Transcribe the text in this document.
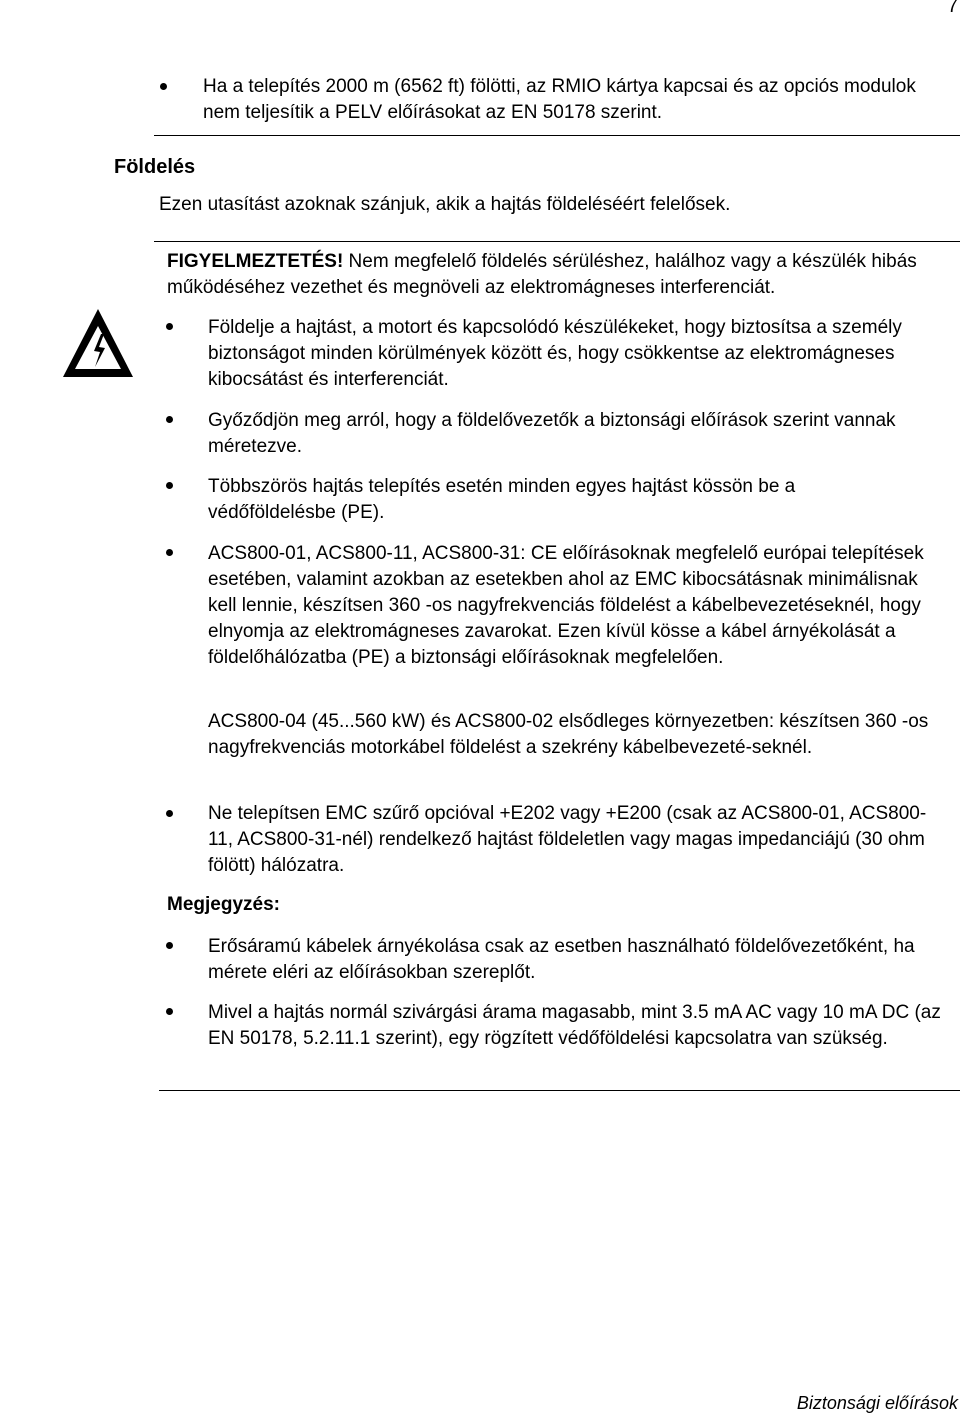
7
Ha a telepítés 2000 m (6562 ft) fölötti, az RMIO kártya kapcsai és az opciós modulok nem teljesítik a PELV előírásokat az EN 50178 szerint.
Földelés
Ezen utasítást azoknak szánjuk, akik a hajtás földeléséért felelősek.
FIGYELMEZTETÉS! Nem megfelelő földelés sérüléshez, halálhoz vagy a készülék hibás működéséhez vezethet és megnöveli az elektromágneses interferenciát.
Földelje a hajtást, a motort és kapcsolódó készülékeket, hogy biztosítsa a személy biztonságot minden körülmények között és, hogy csökkentse az elektromágneses kibocsátást és interferenciát.
Győződjön meg arról, hogy a földelővezetők a biztonsági előírások szerint vannak méretezve.
Többszörös hajtás telepítés esetén minden egyes hajtást kössön be a védőföldelésbe (PE).
ACS800-01, ACS800-11, ACS800-31: CE előírásoknak megfelelő európai telepítések esetében, valamint azokban az esetekben ahol az EMC kibocsátásnak minimálisnak kell lennie, készítsen 360 -os nagyfrekvenciás földelést a kábelbevezetéseknél, hogy elnyomja az elektromágneses zavarokat. Ezen kívül kösse a kábel árnyékolását a földelőhálózatba (PE) a biztonsági előírásoknak megfelelően.
ACS800-04 (45...560 kW) és ACS800-02 elsődleges környezetben: készítsen 360 -os nagyfrekvenciás motorkábel földelést a szekrény kábelbevezeté-seknél.
Ne telepítsen EMC szűrő opcióval +E202 vagy +E200 (csak az ACS800-01, ACS800-11, ACS800-31-nél) rendelkező hajtást földeletlen vagy magas impedanciájú (30 ohm fölött) hálózatra.
Megjegyzés:
Erősáramú kábelek árnyékolása csak az esetben használható földelővezetőként, ha mérete eléri az előírásokban szereplőt.
Mivel a hajtás normál szivárgási árama magasabb, mint 3.5 mA AC vagy 10 mA DC (az EN 50178, 5.2.11.1 szerint), egy rögzített védőföldelési kapcsolatra van szükség.
Biztonsági előírások
